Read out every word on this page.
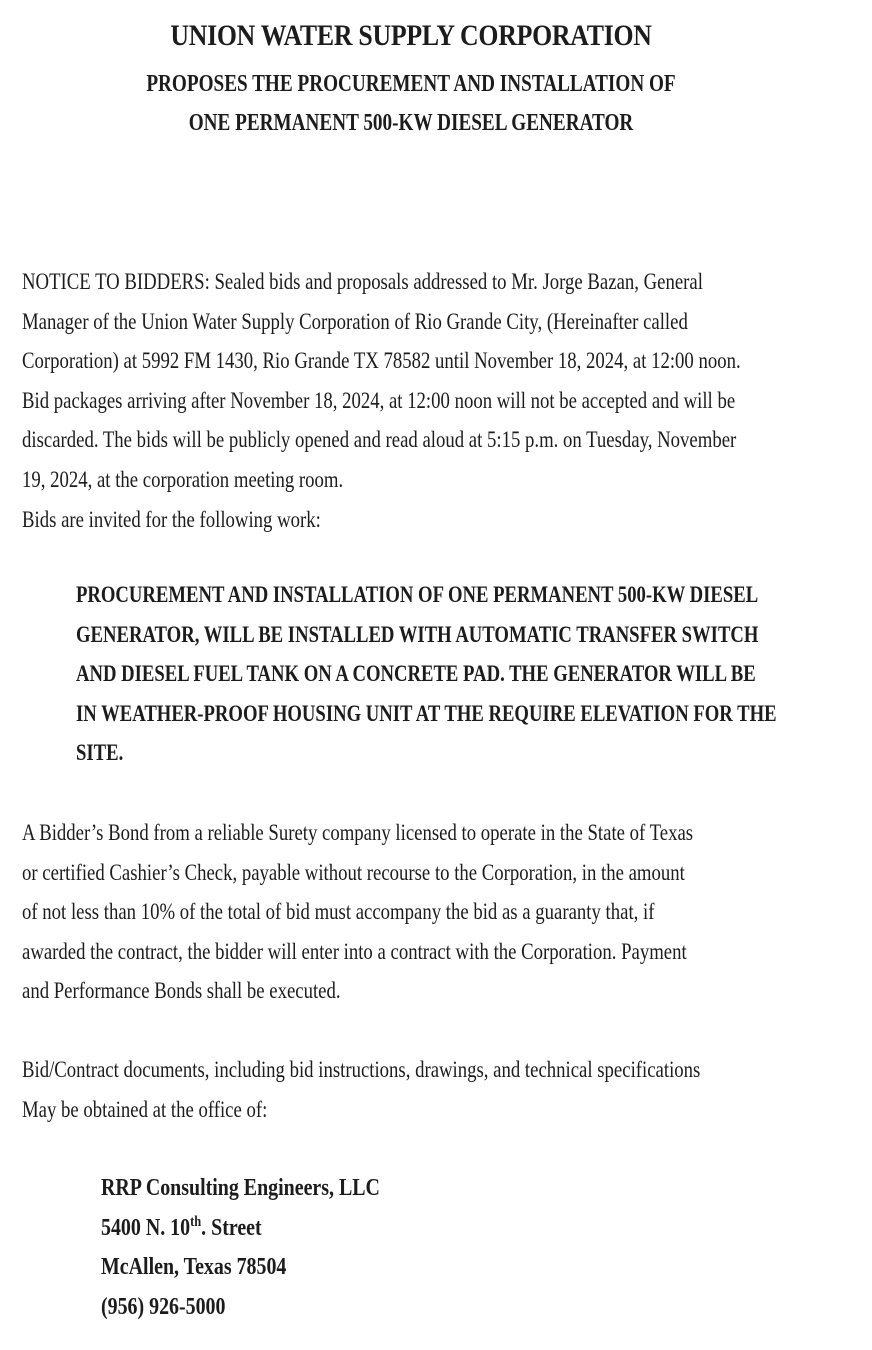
UNION WATER SUPPLY CORPORATION
PROPOSES THE PROCUREMENT AND INSTALLATION OF
ONE PERMANENT 500-KW DIESEL GENERATOR
NOTICE TO BIDDERS: Sealed bids and proposals addressed to Mr. Jorge Bazan, General
Manager of the Union Water Supply Corporation of Rio Grande City, (Hereinafter called
Corporation) at 5992 FM 1430, Rio Grande TX 78582 until November 18, 2024, at 12:00 noon.
Bid packages arriving after November 18, 2024, at 12:00 noon will not be accepted and will be
discarded. The bids will be publicly opened and read aloud at 5:15 p.m. on Tuesday, November
19, 2024, at the corporation meeting room.
Bids are invited for the following work:
PROCUREMENT AND INSTALLATION OF ONE PERMANENT 500-KW DIESEL
GENERATOR, WILL BE INSTALLED WITH AUTOMATIC TRANSFER SWITCH
AND DIESEL FUEL TANK ON A CONCRETE PAD. THE GENERATOR WILL BE
IN WEATHER-PROOF HOUSING UNIT AT THE REQUIRE ELEVATION FOR THE
SITE.
A Bidder’s Bond from a reliable Surety company licensed to operate in the State of Texas
or certified Cashier’s Check, payable without recourse to the Corporation, in the amount
of not less than 10% of the total of bid must accompany the bid as a guaranty that, if
awarded the contract, the bidder will enter into a contract with the Corporation. Payment
and Performance Bonds shall be executed.
Bid/Contract documents, including bid instructions, drawings, and technical specifications
May be obtained at the office of:
RRP Consulting Engineers, LLC
5400 N. 10th. Street
McAllen, Texas 78504
(956) 926-5000
